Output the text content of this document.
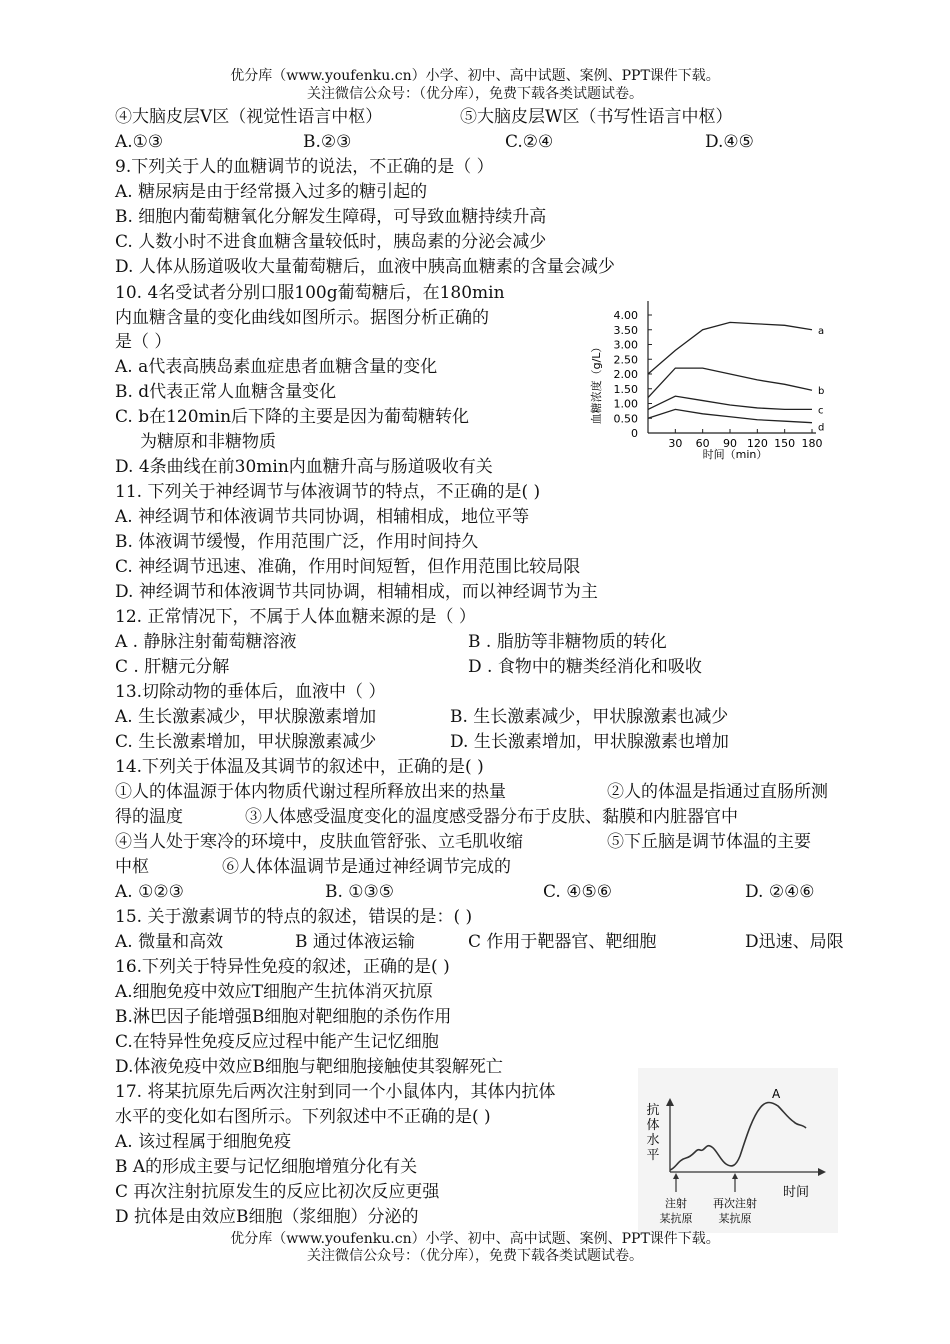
优分库（www.youfenku.cn）小学、初中、高中试题、案例、PPT课件下载。
关注微信公众号：（优分库），免费下载各类试题试卷。
④大脑皮层V区（视觉性语言中枢）	⑤大脑皮层W区（书写性语言中枢）
A.①③	B.②③	C.②④	D.④⑤
9.下列关于人的血糖调节的说法，不正确的是（ ）
A. 糖尿病是由于经常摄入过多的糖引起的
B. 细胞内葡萄糖氧化分解发生障碍，可导致血糖持续升高
C. 人数小时不进食血糖含量较低时，胰岛素的分泌会减少
D. 人体从肠道吸收大量葡萄糖后，血液中胰高血糖素的含量会减少
10. 4名受试者分别口服100g葡萄糖后，在180min
内血糖含量的变化曲线如图所示。据图分析正确的
是（ ）
A. a代表高胰岛素血症患者血糖含量的变化
B. d代表正常人血糖含量变化
C. b在120min后下降的主要是因为葡萄糖转化
为糖原和非糖物质
D. 4条曲线在前30min内血糖升高与肠道吸收有关
血糖浓度（g/L）
时间（min）
4.00
3.50
3.00
2.50
2.00
1.50
1.00
0.50
0
30 60 90 120 150 180
a
b
c
d
11. 下列关于神经调节与体液调节的特点，不正确的是( )
A. 神经调节和体液调节共同协调，相辅相成，地位平等
B. 体液调节缓慢，作用范围广泛，作用时间持久
C. 神经调节迅速、准确，作用时间短暂，但作用范围比较局限
D. 神经调节和体液调节共同协调，相辅相成，而以神经调节为主
12. 正常情况下，不属于人体血糖来源的是（ ）
A . 静脉注射葡萄糖溶液	B . 脂肪等非糖物质的转化
C . 肝糖元分解	D . 食物中的糖类经消化和吸收
13.切除动物的垂体后，血液中（ ）
A. 生长激素减少，甲状腺激素增加	B. 生长激素减少，甲状腺激素也减少
C. 生长激素增加，甲状腺激素减少	D. 生长激素增加，甲状腺激素也增加
14.下列关于体温及其调节的叙述中，正确的是( )
①人的体温源于体内物质代谢过程所释放出来的热量	②人的体温是指通过直肠所测
得的温度	③人体感受温度变化的温度感受器分布于皮肤、黏膜和内脏器官中
④当人处于寒冷的环境中，皮肤血管舒张、立毛肌收缩	⑤下丘脑是调节体温的主要
中枢	⑥人体体温调节是通过神经调节完成的
A. ①②③	B. ①③⑤	C. ④⑤⑥	D. ②④⑥
15. 关于激素调节的特点的叙述，错误的是：( )
A. 微量和高效	B 通过体液运输	C 作用于靶器官、靶细胞	D迅速、局限
16.下列关于特异性免疫的叙述，正确的是( )
A.细胞免疫中效应T细胞产生抗体消灭抗原
B.淋巴因子能增强B细胞对靶细胞的杀伤作用
C.在特异性免疫反应过程中能产生记忆细胞
D.体液免疫中效应B细胞与靶细胞接触使其裂解死亡
17. 将某抗原先后两次注射到同一个小鼠体内，其体内抗体
水平的变化如右图所示。下列叙述中不正确的是( )
A. 该过程属于细胞免疫
B A的形成主要与记忆细胞增殖分化有关
C 再次注射抗原发生的反应比初次反应更强
D 抗体是由效应B细胞（浆细胞）分泌的
抗体水平
A
时间
注射
某抗原
再次注射
某抗原
优分库（www.youfenku.cn）小学、初中、高中试题、案例、PPT课件下载。
关注微信公众号：（优分库），免费下载各类试题试卷。
